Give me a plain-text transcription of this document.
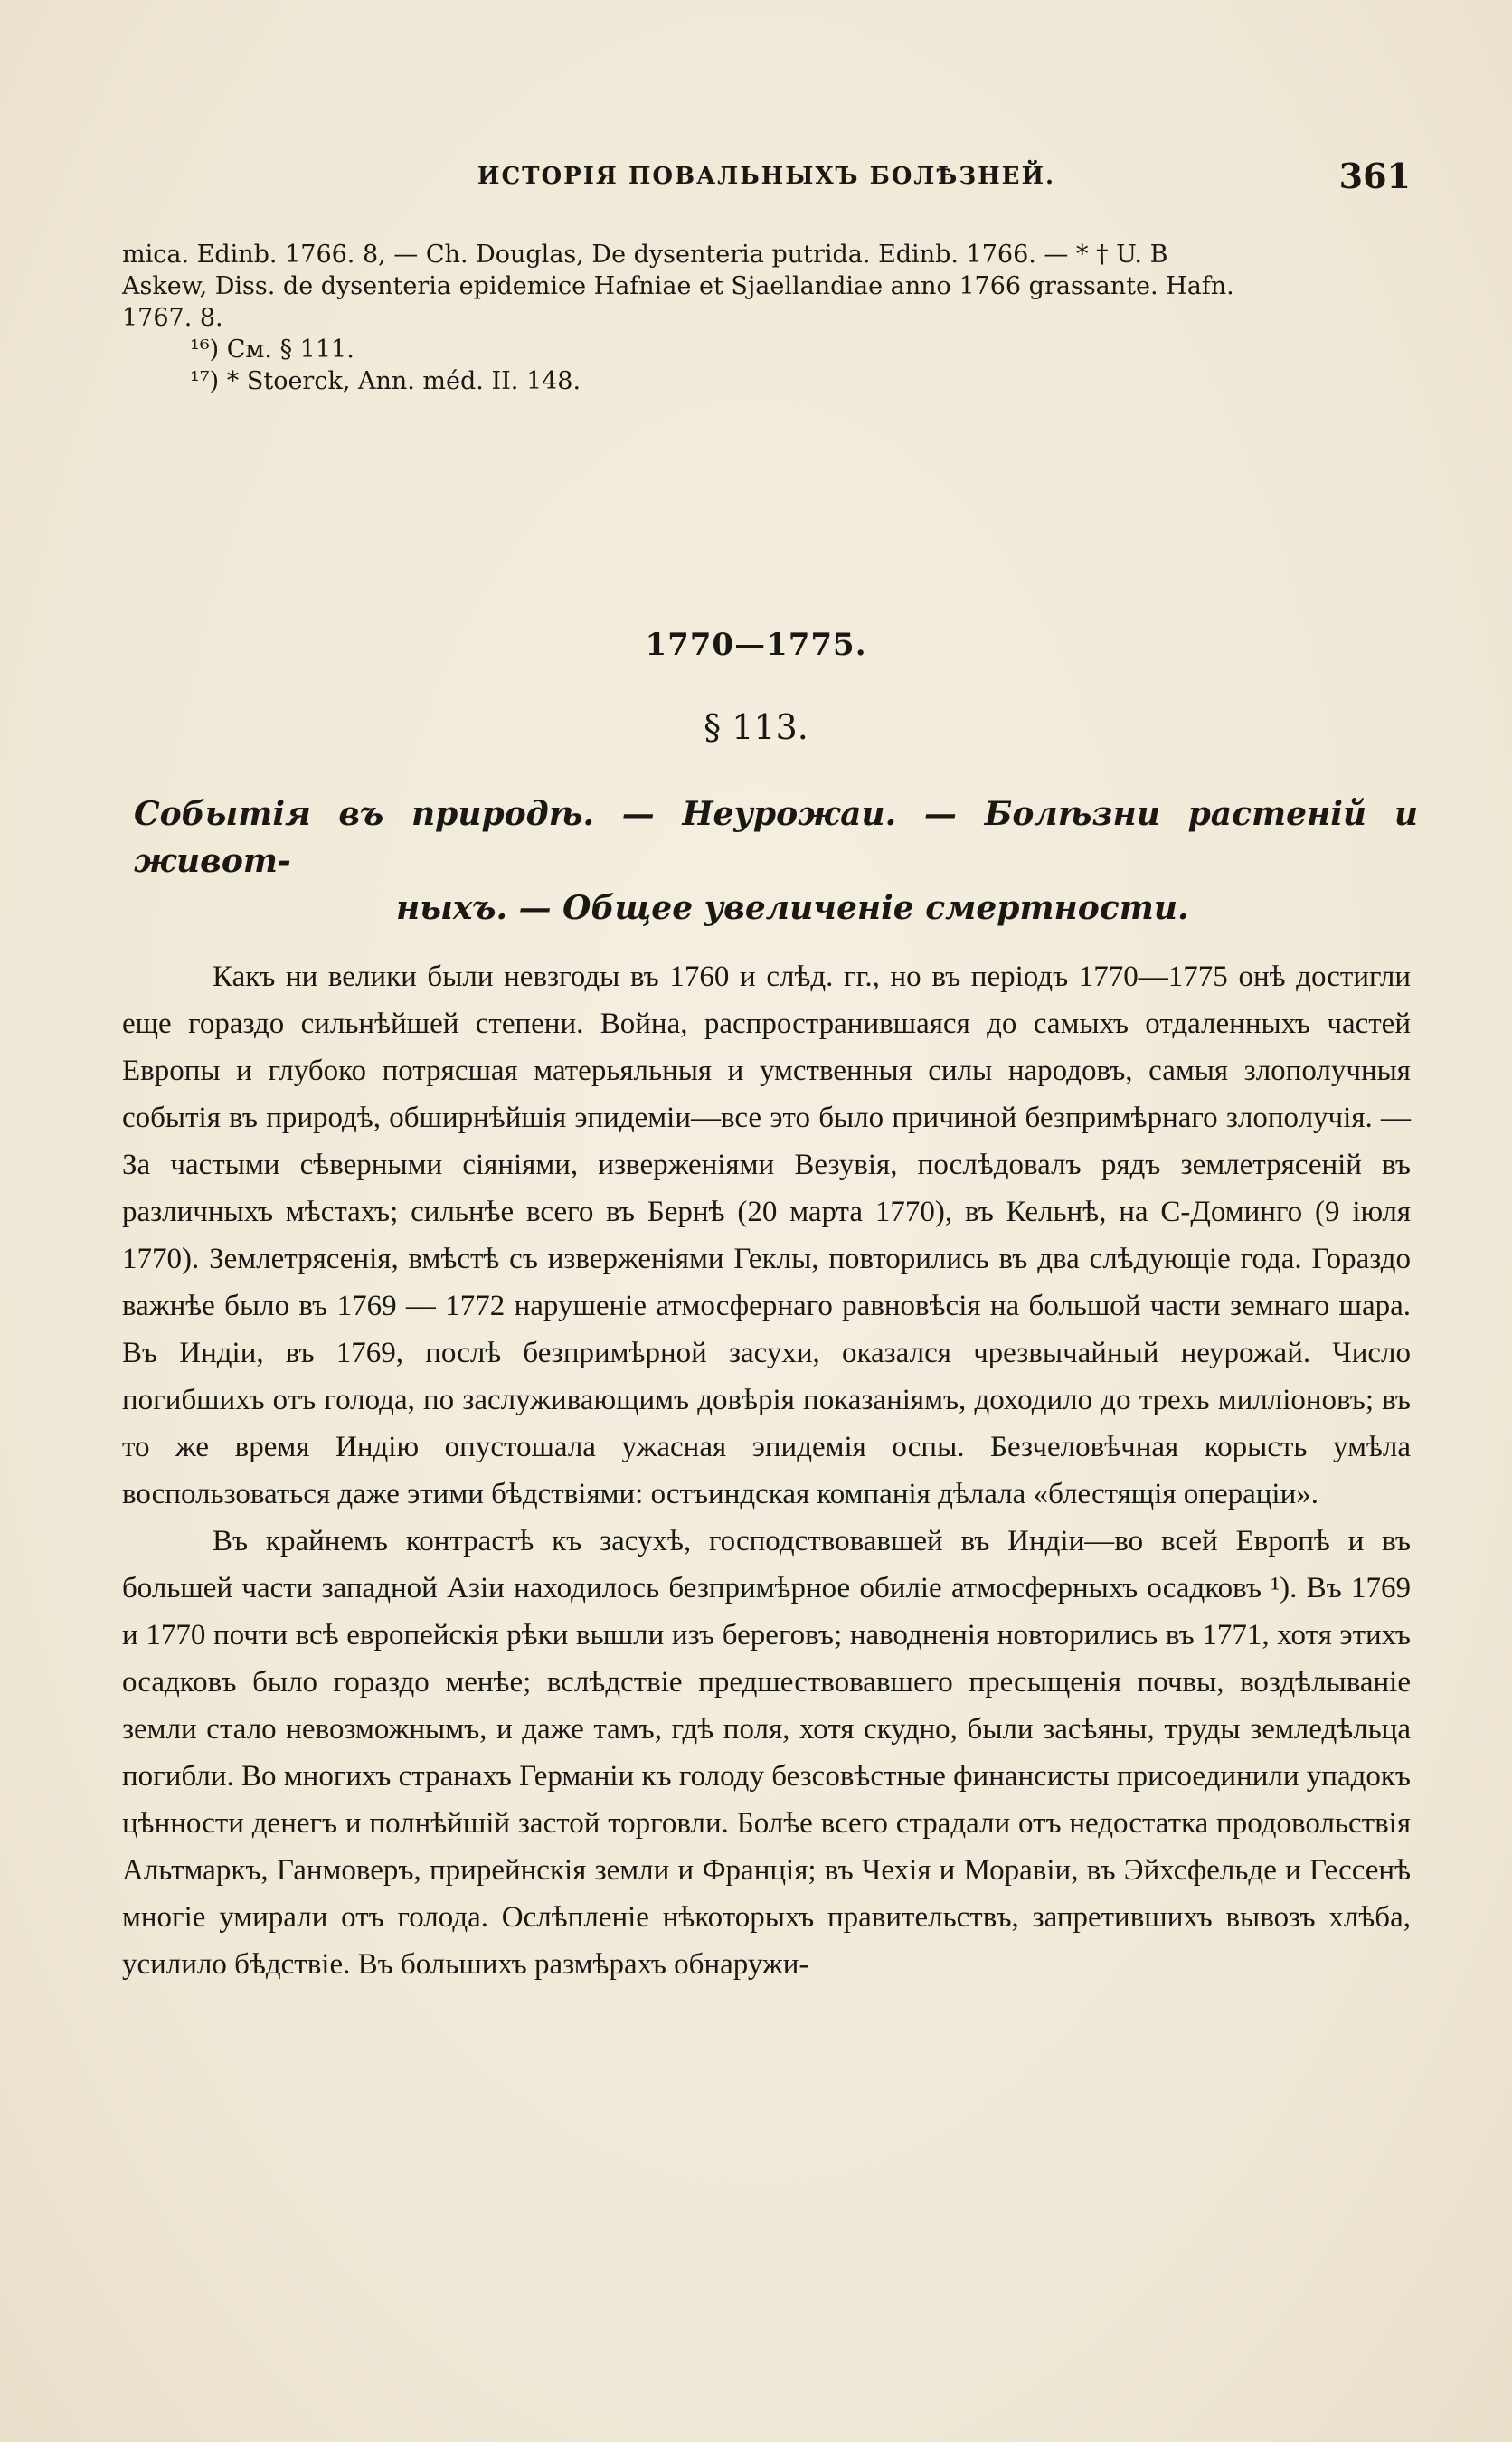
ИСТОРІЯ ПОВАЛЬНЫХЪ БОЛѢЗНЕЙ.	361
mica. Edinb. 1766. 8, — Ch. Douglas, De dysenteria putrida. Edinb. 1766. — * † U. B
Askew, Diss. de dysenteria epidemice Hafniae et Sjaellandiae anno 1766 grassante. Hafn.
1767. 8.
¹⁶) См. § 111.
¹⁷) * Stoerck, Ann. méd. II. 148.
1770—1775.
§ 113.
Событія въ природѣ. — Неурожаи. — Болѣзни растеній и живот-
ныхъ. — Общее увеличеніе смертности.

Какъ ни велики были невзгоды въ 1760 и слѣд. гг., но въ періодъ 1770—1775 онѣ достигли еще гораздо сильнѣйшей степени. Война, распространившаяся до самыхъ отдаленныхъ частей Европы и глубоко потрясшая матерьяльныя и умственныя силы народовъ, самыя злополучныя событія въ природѣ, обширнѣйшія эпидеміи—все это было причиной безпримѣрнаго злополучія. — За частыми сѣверными сіяніями, изверженіями Везувія, послѣдовалъ рядъ землетрясеній въ различныхъ мѣстахъ; сильнѣе всего въ Бернѣ (20 марта 1770), въ Кельнѣ, на С-Доминго (9 іюля 1770). Землетрясенія, вмѣстѣ съ изверженіями Геклы, повторились въ два слѣдующіе года. Гораздо важнѣе было въ 1769 — 1772 нарушеніе атмосфернаго равновѣсія на большой части земнаго шара. Въ Индіи, въ 1769, послѣ безпримѣрной засухи, оказался чрезвычайный неурожай. Число погибшихъ отъ голода, по заслуживающимъ довѣрія показаніямъ, доходило до трехъ милліоновъ; въ то же время Индію опустошала ужасная эпидемія оспы. Безчеловѣчная корысть умѣла воспользоваться даже этими бѣдствіями: остъиндская компанія дѣлала «блестящія операціи».

Въ крайнемъ контрастѣ къ засухѣ, господствовавшей въ Индіи—во всей Европѣ и въ большей части западной Азіи находилось безпримѣрное обиліе атмосферныхъ осадковъ ¹). Въ 1769 и 1770 почти всѣ европейскія рѣки вышли изъ береговъ; наводненія новторились въ 1771, хотя этихъ осадковъ было гораздо менѣе; вслѣдствіе предшествовавшего пресыщенія почвы, воздѣлываніе земли стало невозможнымъ, и даже тамъ, гдѣ поля, хотя скудно, были засѣяны, труды земледѣльца погибли. Во многихъ странахъ Германіи къ голоду безсовѣстные финансисты присоединили упадокъ цѣнности денегъ и полнѣйшій застой торговли. Болѣе всего страдали отъ недостатка продовольствія Альтмаркъ, Ганмоверъ, прирейнскія земли и Франція; въ Чехія и Моравіи, въ Эйхсфельде и Гессенѣ многіе умирали отъ голода. Ослѣпленіе нѣкоторыхъ правительствъ, запретившихъ вывозъ хлѣба, усилило бѣдствіе. Въ большихъ размѣрахъ обнаружи-
